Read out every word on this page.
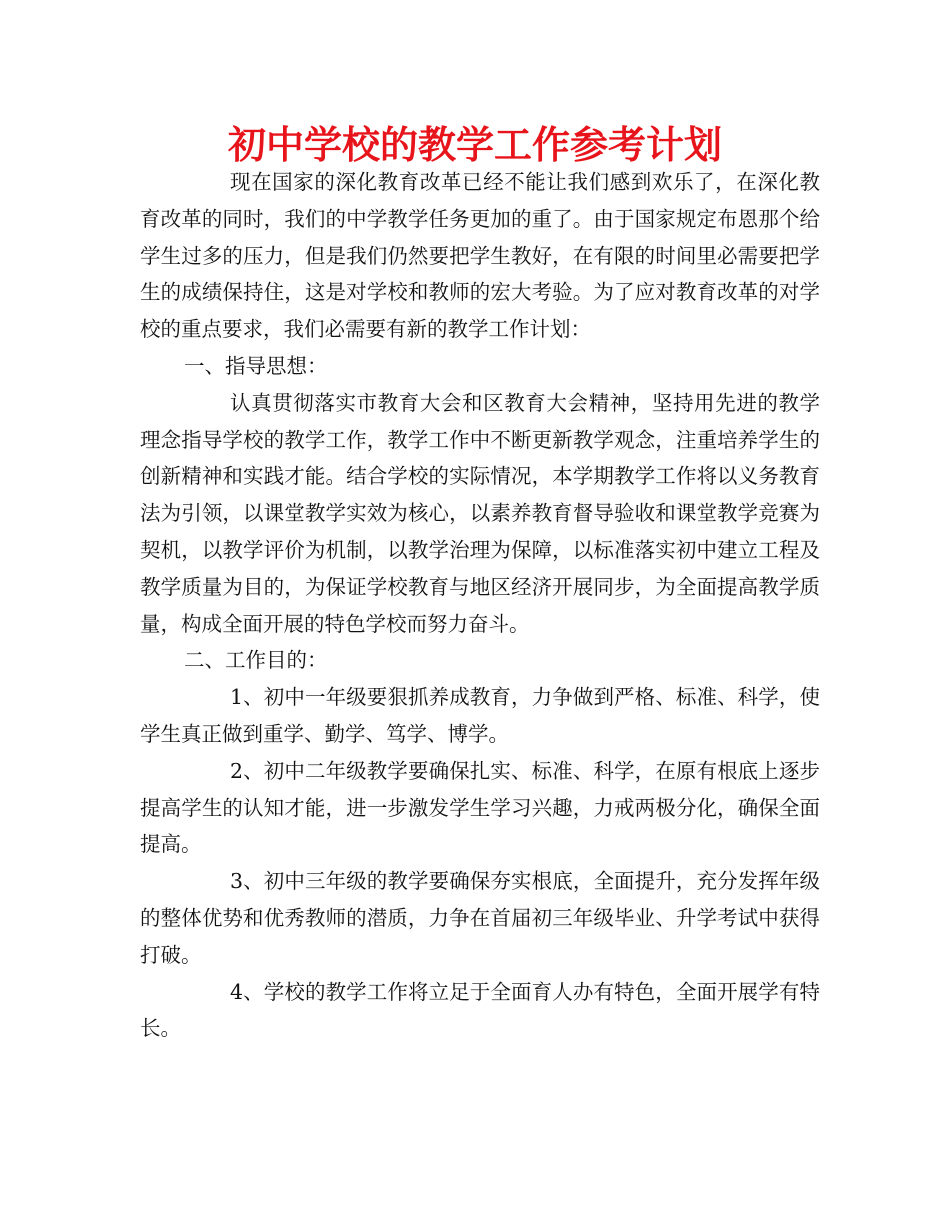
初中学校的教学工作参考计划

现在国家的深化教育改革已经不能让我们感到欢乐了，在深化教育改革的同时，我们的中学教学任务更加的重了。由于国家规定布恩那个给学生过多的压力，但是我们仍然要把学生教好，在有限的时间里必需要把学生的成绩保持住，这是对学校和教师的宏大考验。为了应对教育改革的对学校的重点要求，我们必需要有新的教学工作计划：

一、指导思想：

认真贯彻落实市教育大会和区教育大会精神，坚持用先进的教学理念指导学校的教学工作，教学工作中不断更新教学观念，注重培养学生的创新精神和实践才能。结合学校的实际情况，本学期教学工作将以义务教育法为引领，以课堂教学实效为核心，以素养教育督导验收和课堂教学竞赛为契机，以教学评价为机制，以教学治理为保障，以标准落实初中建立工程及教学质量为目的，为保证学校教育与地区经济开展同步，为全面提高教学质量，构成全面开展的特色学校而努力奋斗。

二、工作目的：

1、初中一年级要狠抓养成教育，力争做到严格、标准、科学，使学生真正做到重学、勤学、笃学、博学。

2、初中二年级教学要确保扎实、标准、科学，在原有根底上逐步提高学生的认知才能，进一步激发学生学习兴趣，力戒两极分化，确保全面提高。

3、初中三年级的教学要确保夯实根底，全面提升，充分发挥年级的整体优势和优秀教师的潜质，力争在首届初三年级毕业、升学考试中获得打破。

4、学校的教学工作将立足于全面育人办有特色，全面开展学有特长。
